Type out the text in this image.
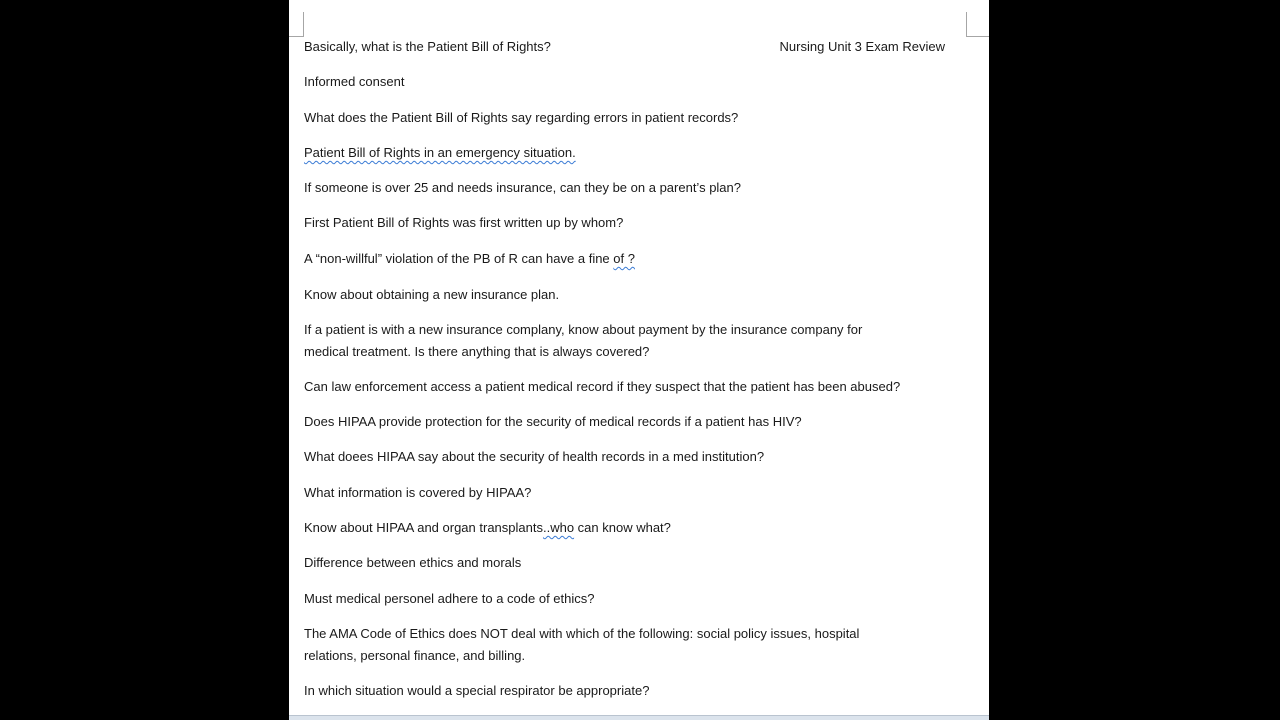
Nursing Unit 3 Exam Review
Basically, what is the Patient Bill of Rights?
Informed consent
What does the Patient Bill of Rights say regarding errors in patient records?
Patient Bill of Rights in an emergency situation.
If someone is over 25 and needs insurance, can they be on a parent’s plan?
First Patient Bill of Rights was first written up by whom?
A “non-willful” violation of the PB of R can have a fine of ?
Know about obtaining a new insurance plan.
If a patient is with a new insurance complany, know about payment by the insurance company for
medical treatment. Is there anything that is always covered?
Can law enforcement access a patient medical record if they suspect that the patient has been abused?
Does HIPAA provide protection for the security of medical records if a patient has HIV?
What doees HIPAA say about the security of health records in a med institution?
What information is covered by HIPAA?
Know about HIPAA and organ transplants..who can know what?
Difference between ethics and morals
Must medical personel adhere to a code of ethics?
The AMA Code of Ethics does NOT deal with which of the following: social policy issues, hospital
relations, personal finance, and billing.
In which situation would a special respirator be appropriate?
